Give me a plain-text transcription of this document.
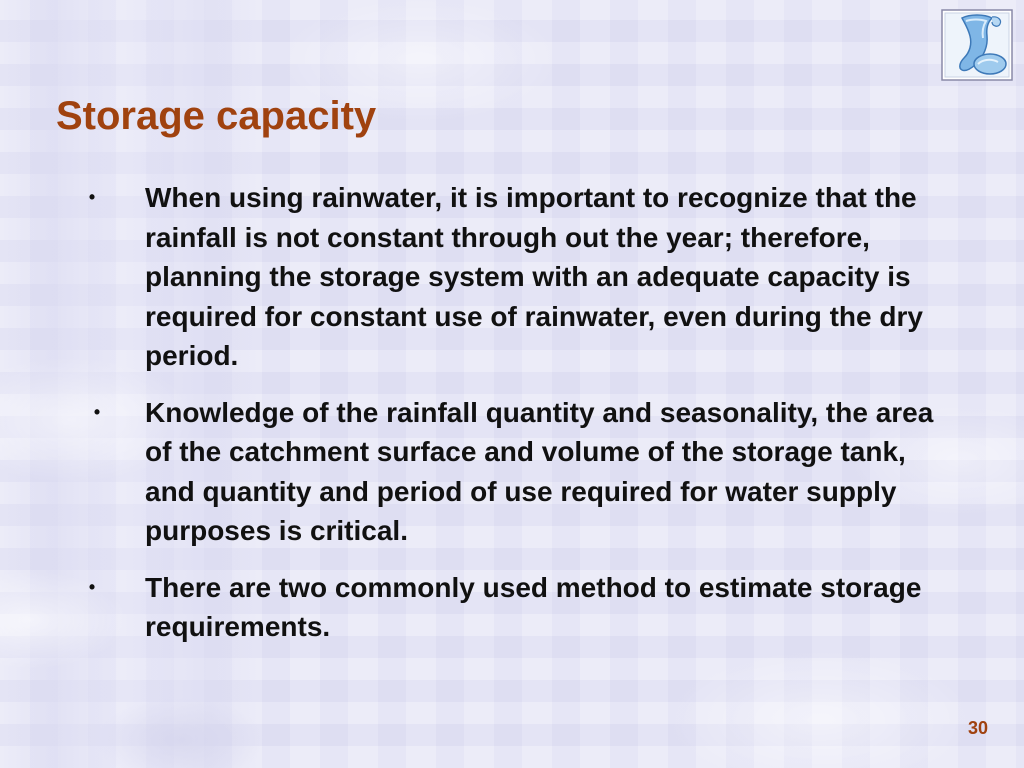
Storage capacity
• When using rainwater, it is important to recognize that the rainfall is not constant through out the year; therefore, planning the storage system with an adequate capacity is required for constant use of rainwater, even during the dry period.
• Knowledge of the rainfall quantity and seasonality, the area of the catchment surface and volume of the storage tank, and quantity and period of use required for water supply purposes is critical.
• There are two commonly used method to estimate storage requirements.
30
